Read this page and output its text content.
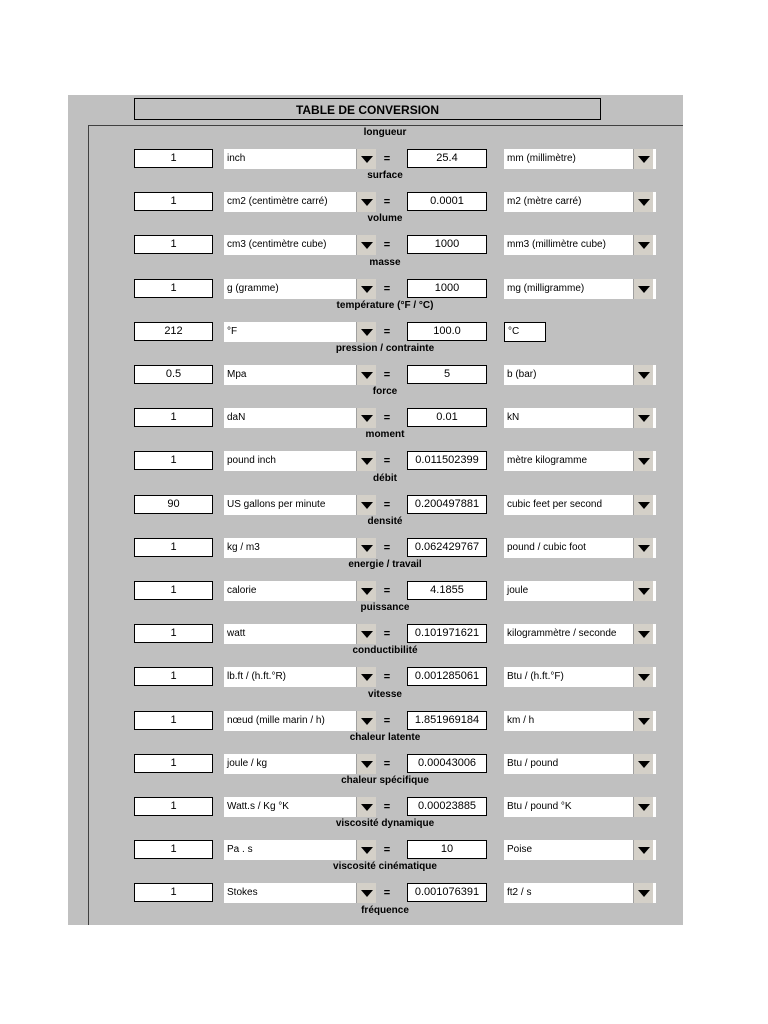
TABLE DE CONVERSION
longueur
1	inch	=	25.4	mm (millimètre)
surface
1	cm2 (centimètre carré)	=	0.0001	m2 (mètre carré)
volume
1	cm3 (centimètre cube)	=	1000	mm3 (millimètre cube)
masse
1	g (gramme)	=	1000	mg (milligramme)
température (°F / °C)
212	°F	=	100.0	°C
pression / contrainte
0.5	Mpa	=	5	b (bar)
force
1	daN	=	0.01	kN
moment
1	pound inch	=	0.011502399	mètre kilogramme
débit
90	US gallons per minute	=	0.200497881	cubic feet per second
densité
1	kg / m3	=	0.062429767	pound / cubic foot
energie / travail
1	calorie	=	4.1855	joule
puissance
1	watt	=	0.101971621	kilogrammètre / seconde
conductibilité
1	lb.ft / (h.ft.°R)	=	0.001285061	Btu / (h.ft.°F)
vitesse
1	nœud (mille marin / h)	=	1.851969184	km / h
chaleur latente
1	joule / kg	=	0.00043006	Btu / pound
chaleur spécifique
1	Watt.s / Kg °K	=	0.00023885	Btu / pound °K
viscosité dynamique
1	Pa . s	=	10	Poise
viscosité cinématique
1	Stokes	=	0.001076391	ft2 / s
fréquence
